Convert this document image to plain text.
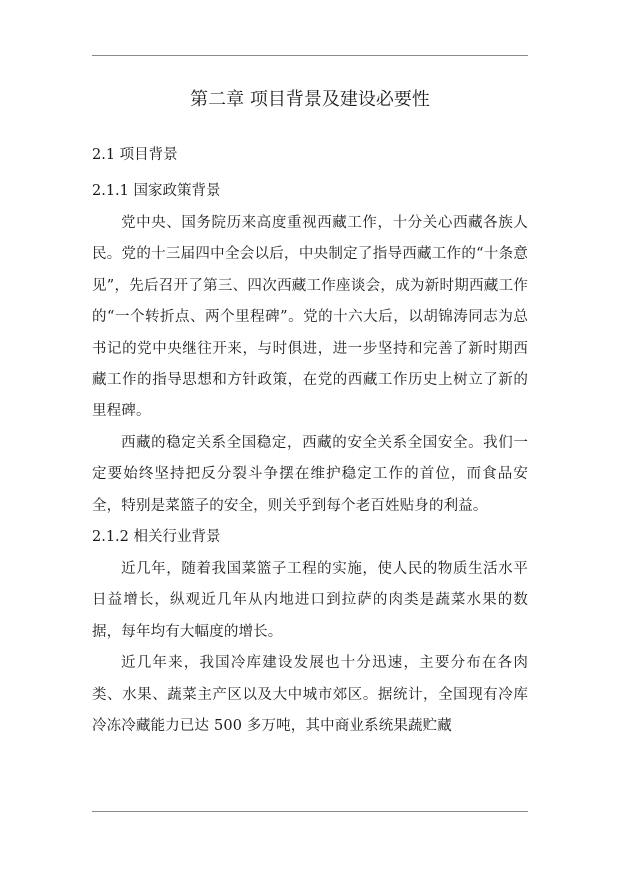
第二章 项目背景及建设必要性
2.1 项目背景
2.1.1 国家政策背景

党中央、国务院历来高度重视西藏工作，十分关心西藏各族人民。党的十三届四中全会以后，中央制定了指导西藏工作的“十条意见”，先后召开了第三、四次西藏工作座谈会，成为新时期西藏工作的“一个转折点、两个里程碑”。党的十六大后，以胡锦涛同志为总书记的党中央继往开来，与时俱进，进一步坚持和完善了新时期西藏工作的指导思想和方针政策，在党的西藏工作历史上树立了新的里程碑。

西藏的稳定关系全国稳定，西藏的安全关系全国安全。我们一定要始终坚持把反分裂斗争摆在维护稳定工作的首位，而食品安全，特别是菜篮子的安全，则关乎到每个老百姓贴身的利益。

2.1.2 相关行业背景

近几年，随着我国菜篮子工程的实施，使人民的物质生活水平日益增长，纵观近几年从内地进口到拉萨的肉类是蔬菜水果的数据，每年均有大幅度的增长。

近几年来，我国冷库建设发展也十分迅速，主要分布在各肉类、水果、蔬菜主产区以及大中城市郊区。据统计，全国现有冷库冷冻冷藏能力已达 500 多万吨，其中商业系统果蔬贮藏
